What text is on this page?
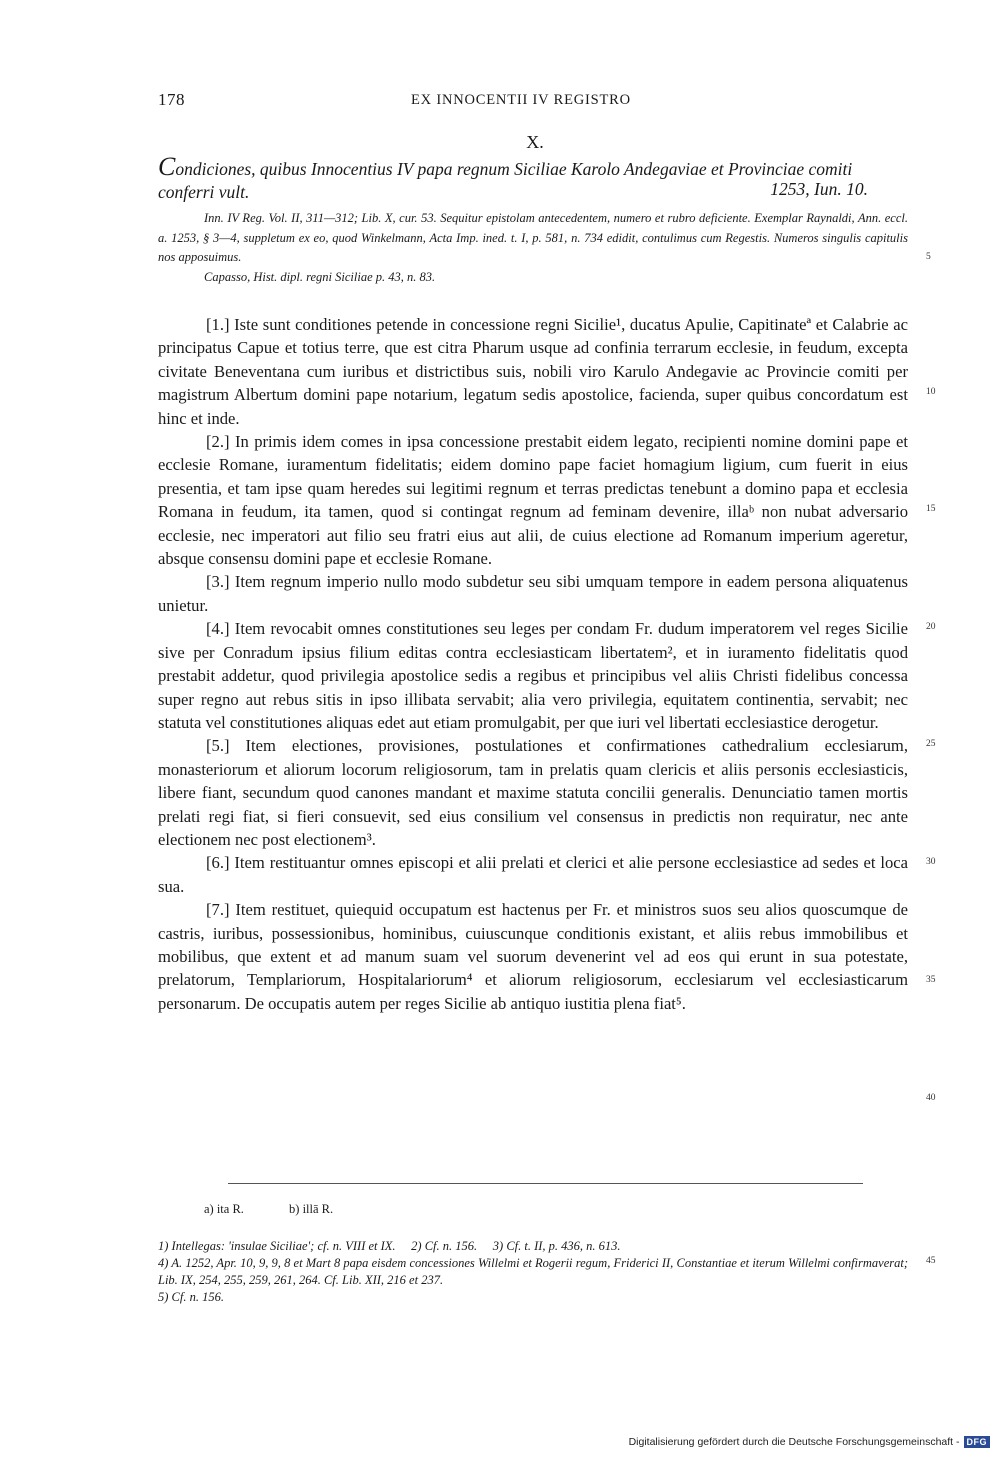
178	EX INNOCENTII IV REGISTRO
X.
Condiciones, quibus Innocentius IV papa regnum Siciliae Karolo Andegaviae et Provinciae comiti conferri vult.	1253, Iun. 10.

Inn. IV Reg. Vol. II, 311—312; Lib. X, cur. 53. Sequitur epistolam antecedentem, numero et rubro deficiente. Exemplar Raynaldi, Ann. eccl. a. 1253, § 3—4, suppletum ex eo, quod Winkelmann, Acta Imp. ined. t. I, p. 581, n. 734 edidit, contulimus cum Regestis. Numeros singulis capitulis nos apposuimus.

Capasso, Hist. dipl. regni Siciliae p. 43, n. 83.

[1.] Iste sunt conditiones petende in concessione regni Sicilie¹, ducatus Apulie, Capitinateª et Calabrie ac principatus Capue et totius terre, que est citra Pharum usque ad confinia terrarum ecclesie, in feudum, excepta civitate Beneventana cum iuribus et districtibus suis, nobili viro Karulo Andegavie ac Provincie comiti per magistrum Albertum domini pape notarium, legatum sedis apostolice, facienda, super quibus concordatum est hinc et inde.

[2.] In primis idem comes in ipsa concessione prestabit eidem legato, recipienti nomine domini pape et ecclesie Romane, iuramentum fidelitatis; eidem domino pape faciet homagium ligium, cum fuerit in eius presentia, et tam ipse quam heredes sui legitimi regnum et terras predictas tenebunt a domino papa et ecclesia Romana in feudum, ita tamen, quod si contingat regnum ad feminam devenire, illaᵇ non nubat adversario ecclesie, nec imperatori aut filio seu fratri eius aut alii, de cuius electione ad Romanum imperium ageretur, absque consensu domini pape et ecclesie Romane.

[3.] Item regnum imperio nullo modo subdetur seu sibi umquam tempore in eadem persona aliquatenus unietur.

[4.] Item revocabit omnes constitutiones seu leges per condam Fr. dudum imperatorem vel reges Sicilie sive per Conradum ipsius filium editas contra ecclesiasticam libertatem², et in iuramento fidelitatis quod prestabit addetur, quod privilegia apostolice sedis a regibus et principibus vel aliis Christi fidelibus concessa super regno aut rebus sitis in ipso illibata servabit; alia vero privilegia, equitatem continentia, servabit; nec statuta vel constitutiones aliquas edet aut etiam promulgabit, per que iuri vel libertati ecclesiastice derogetur.

[5.] Item electiones, provisiones, postulationes et confirmationes cathedralium ecclesiarum, monasteriorum et aliorum locorum religiosorum, tam in prelatis quam clericis et aliis personis ecclesiasticis, libere fiant, secundum quod canones mandant et maxime statuta concilii generalis. Denunciatio tamen mortis prelati regi fiat, si fieri consuevit, sed eius consilium vel consensus in predictis non requiratur, nec ante electionem nec post electionem³.

[6.] Item restituantur omnes episcopi et alii prelati et clerici et alie persone ecclesiastice ad sedes et loca sua.

[7.] Item restituet, quiequid occupatum est hactenus per Fr. et ministros suos seu alios quoscumque de castris, iuribus, possessionibus, hominibus, cuiuscunque conditionis existant, et aliis rebus immobilibus et mobilibus, que extent et ad manum suam vel suorum devenerint vel ad eos qui erunt in sua potestate, prelatorum, Templariorum, Hospitalariorum⁴ et aliorum religiosorum, ecclesiarum vel ecclesiasticarum personarum. De occupatis autem per reges Sicilie ab antiquo iustitia plena fiat⁵.

5
10
15
20
25
30
35
40
45
a) ita R.	b) illā R.

1) Intellegas: 'insulae Siciliae'; cf. n. VIII et IX.     2) Cf. n. 156.     3) Cf. t. II, p. 436, n. 613.

4) A. 1252, Apr. 10, 9, 9, 8 et Mart 8 papa eisdem concessiones Willelmi et Rogerii regum, Friderici II, Constantiae et iterum Willelmi confirmaverat; Lib. IX, 254, 255, 259, 261, 264. Cf. Lib. XII, 216 et 237.

5) Cf. n. 156.

Digitalisierung gefördert durch die Deutsche Forschungsgemeinschaft - DFG
